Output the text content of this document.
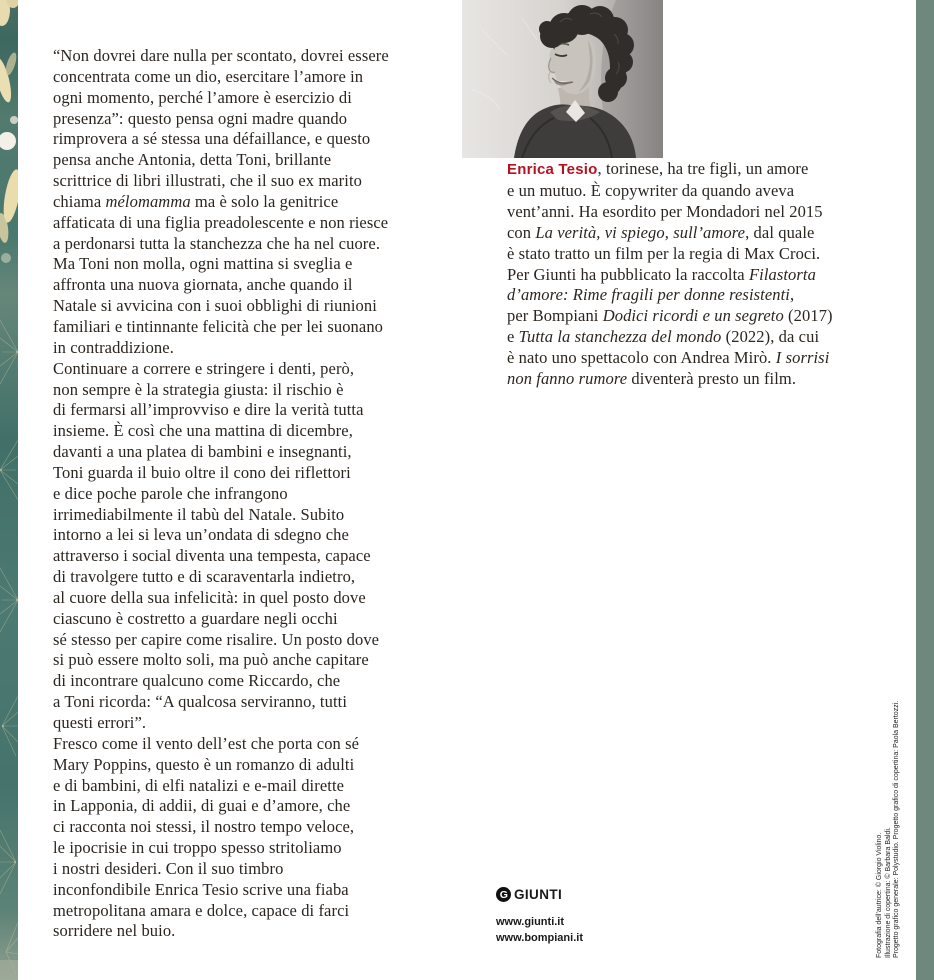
“Non dovrei dare nulla per scontato, dovrei essere
concentrata come un dio, esercitare l’amore in
ogni momento, perché l’amore è esercizio di
presenza”: questo pensa ogni madre quando
rimprovera a sé stessa una défaillance, e questo
pensa anche Antonia, detta Toni, brillante
scrittrice di libri illustrati, che il suo ex marito
chiama mélomamma ma è solo la genitrice
affaticata di una figlia preadolescente e non riesce
a perdonarsi tutta la stanchezza che ha nel cuore.
Ma Toni non molla, ogni mattina si sveglia e
affronta una nuova giornata, anche quando il
Natale si avvicina con i suoi obblighi di riunioni
familiari e tintinnante felicità che per lei suonano
in contraddizione.
Continuare a correre e stringere i denti, però,
non sempre è la strategia giusta: il rischio è
di fermarsi all’improvviso e dire la verità tutta
insieme. È così che una mattina di dicembre,
davanti a una platea di bambini e insegnanti,
Toni guarda il buio oltre il cono dei riflettori
e dice poche parole che infrangono
irrimediabilmente il tabù del Natale. Subito
intorno a lei si leva un’ondata di sdegno che
attraverso i social diventa una tempesta, capace
di travolgere tutto e di scaraventarla indietro,
al cuore della sua infelicità: in quel posto dove
ciascuno è costretto a guardare negli occhi
sé stesso per capire come risalire. Un posto dove
si può essere molto soli, ma può anche capitare
di incontrare qualcuno come Riccardo, che
a Toni ricorda: “A qualcosa serviranno, tutti
questi errori”.
Fresco come il vento dell’est che porta con sé
Mary Poppins, questo è un romanzo di adulti
e di bambini, di elfi natalizi e e-mail dirette
in Lapponia, di addii, di guai e d’amore, che
ci racconta noi stessi, il nostro tempo veloce,
le ipocrisie in cui troppo spesso stritoliamo
i nostri desideri. Con il suo timbro
inconfondibile Enrica Tesio scrive una fiaba
metropolitana amara e dolce, capace di farci
sorridere nel buio.
Enrica Tesio, torinese, ha tre figli, un amore
e un mutuo. È copywriter da quando aveva
vent’anni. Ha esordito per Mondadori nel 2015
con La verità, vi spiego, sull’amore, dal quale
è stato tratto un film per la regia di Max Croci.
Per Giunti ha pubblicato la raccolta Filastorta
d’amore: Rime fragili per donne resistenti,
per Bompiani Dodici ricordi e un segreto (2017)
e Tutta la stanchezza del mondo (2022), da cui
è nato uno spettacolo con Andrea Mirò. I sorrisi
non fanno rumore diventerà presto un film.
G GIUNTI
www.giunti.it
www.bompiani.it	Fotografia dell’autrice: © Giorgio Violino. Illustrazione di copertina: © Barbara Baldi. Progetto grafico generale: Polystudio. Progetto grafico di copertina: Paola Bertozzi.
